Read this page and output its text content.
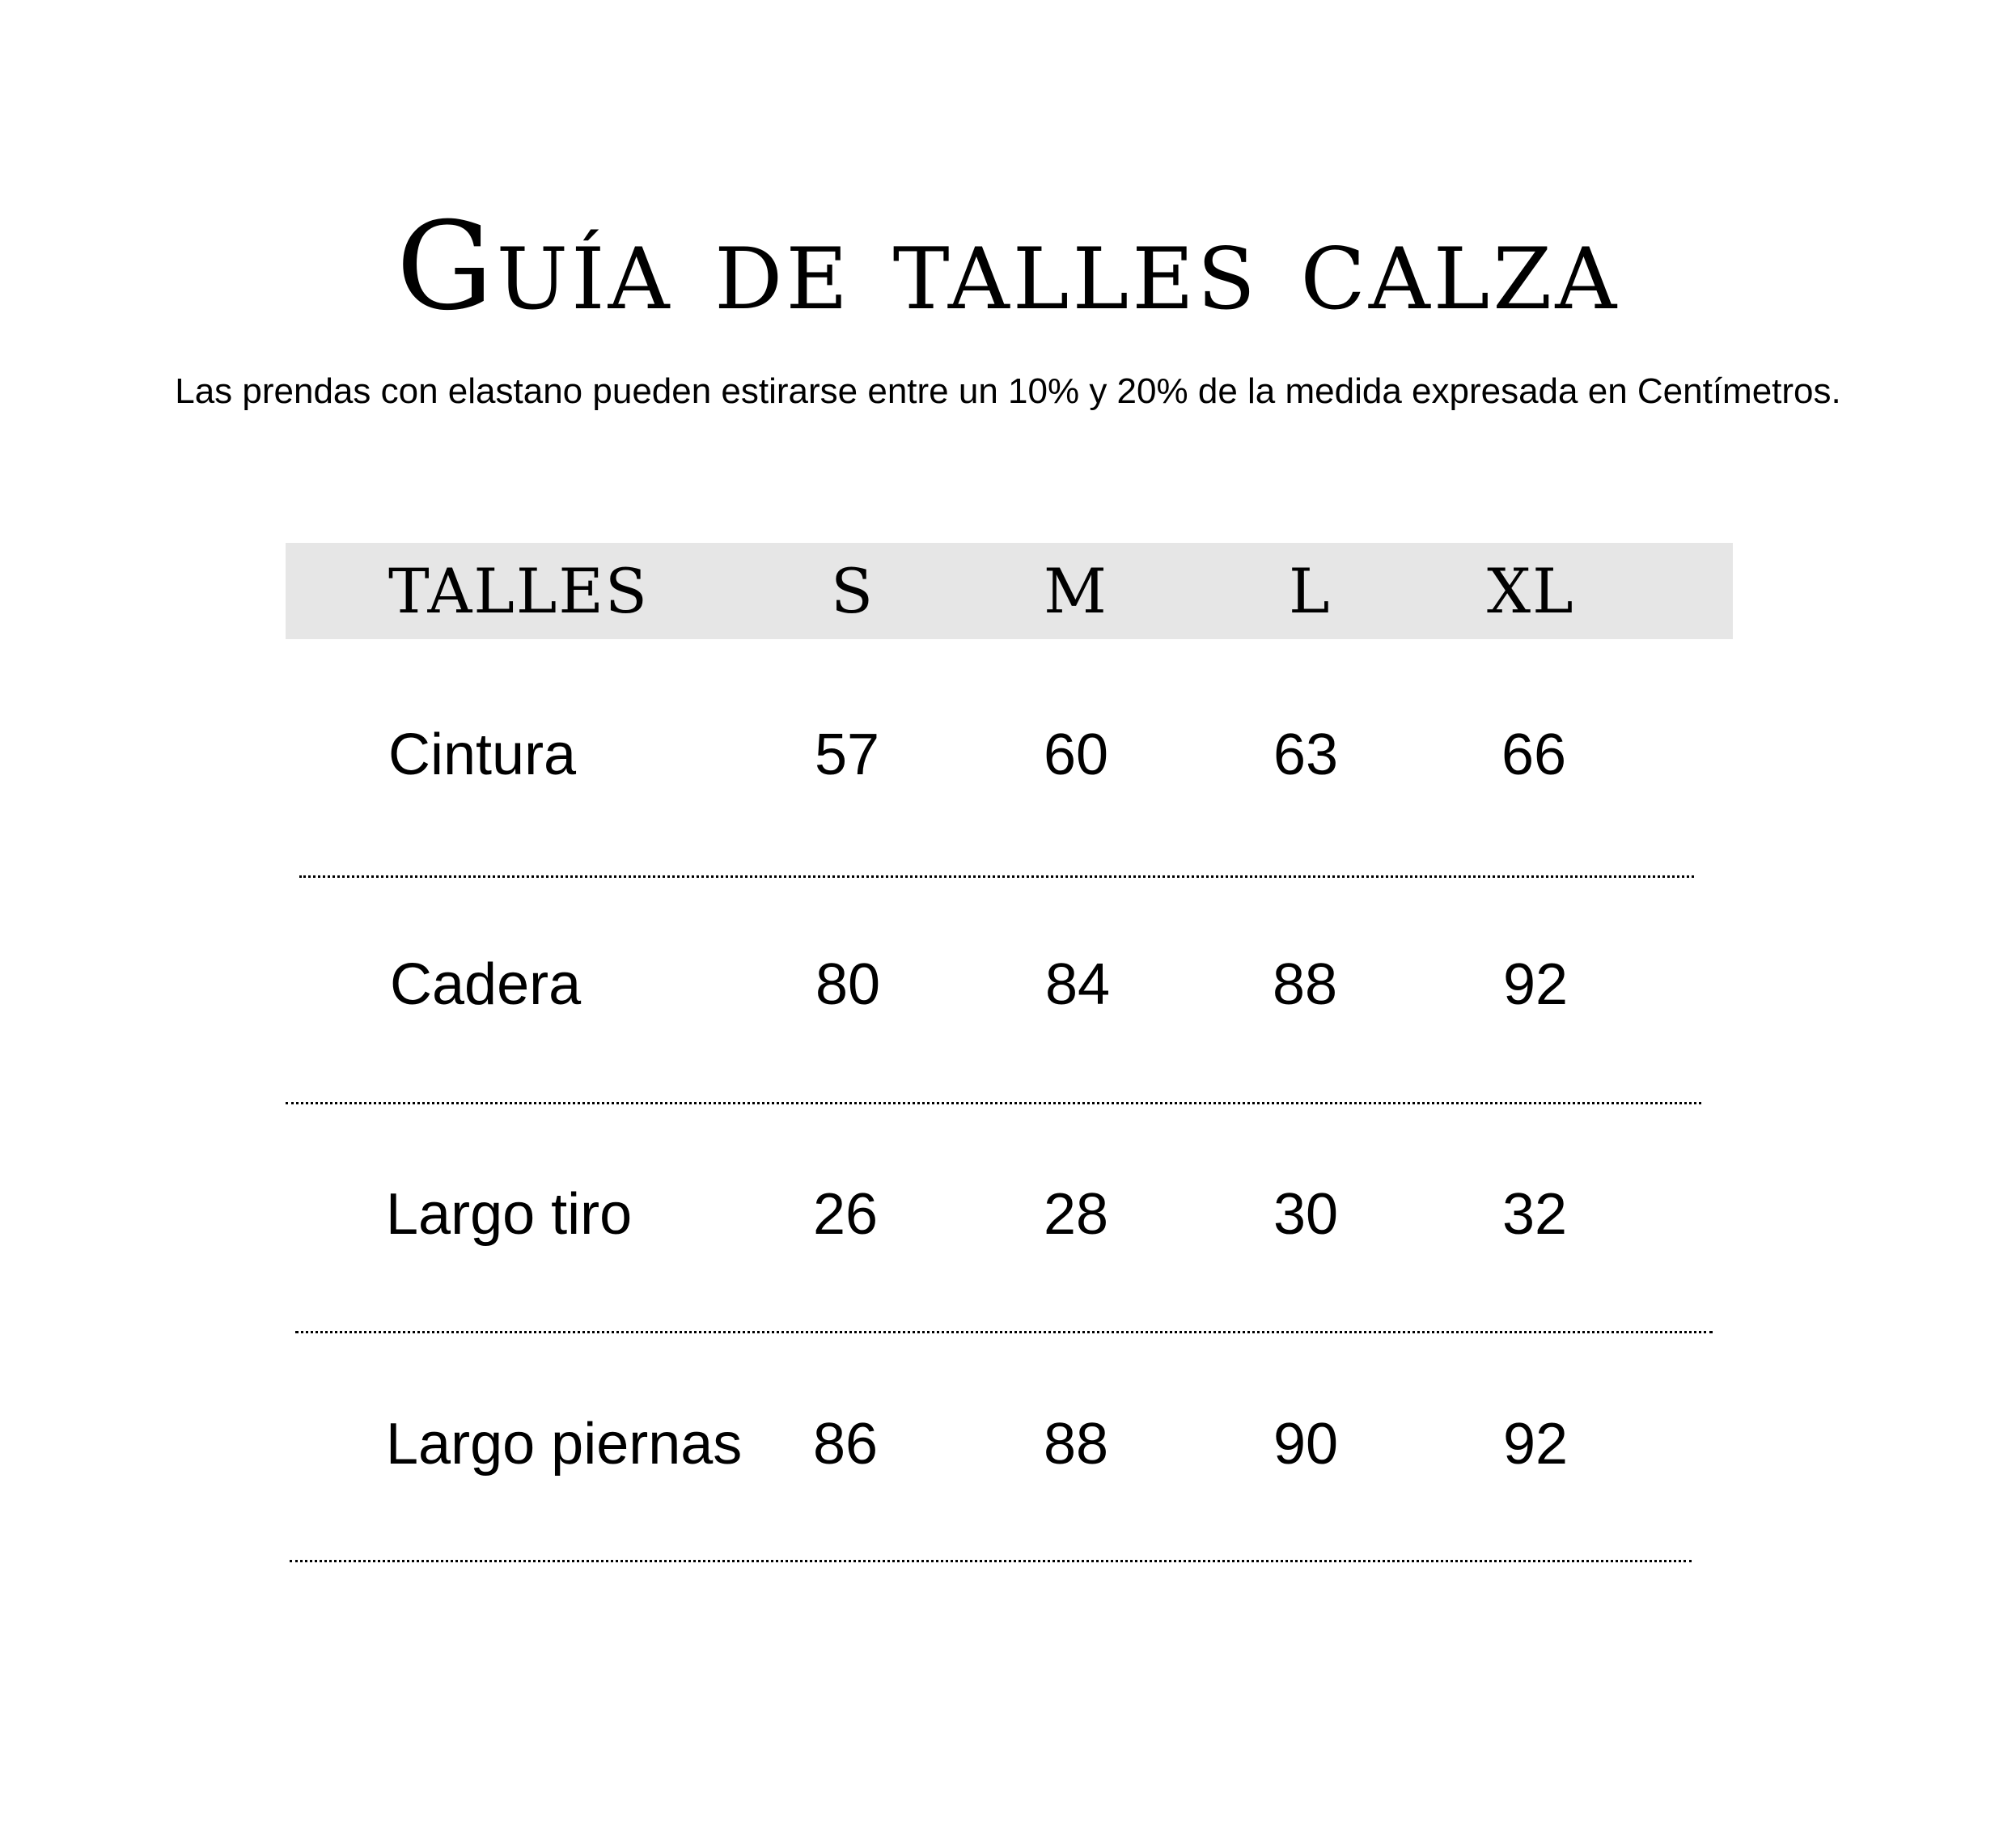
Guía de talles calza
Las prendas con elastano pueden estirarse entre un 10% y 20% de la medida expresada en Centímetros.
TALLES	S	M	L	XL
Cintura	57	60	63	66
Cadera	80	84	88	92
Largo tiro	26	28	30	32
Largo piernas	86	88	90	92
